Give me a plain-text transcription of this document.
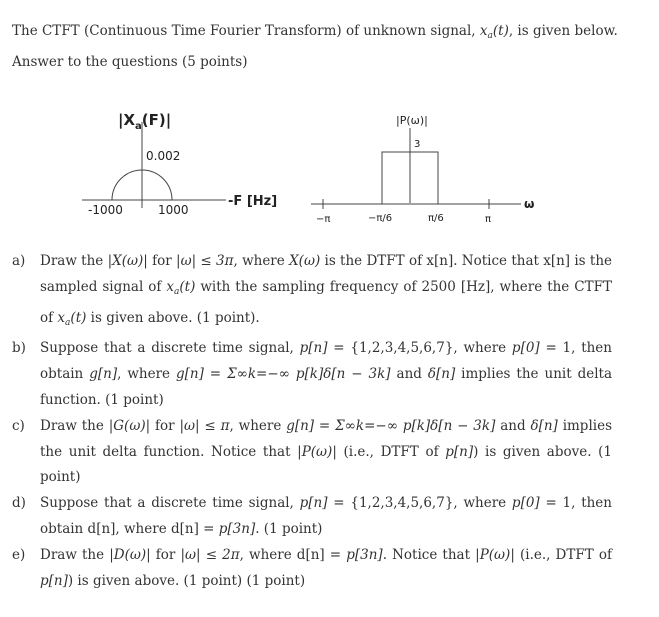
The CTFT (Continuous Time Fourier Transform) of unknown signal, $x_a(t)$, is given below. Answer to the questions (5 points)

$|X_a(F)|$
0.002
-1000	1000
-F [Hz]
|P(ω)|
3
−π	−π/6	π/6	π
ω
a) Draw the |X(ω)| for |ω| ≤ 3π, where X(ω) is the DTFT of x[n]. Notice that x[n] is the sampled signal of $x_a(t)$ with the sampling frequency of 2500 [Hz], where the CTFT of $x_a(t)$ is given above. (1 point).
b) Suppose that a discrete time signal, p[n] = {1,2,3,4,5,6,7}, where p[0] = 1, then obtain g[n], where g[n] = Σ∞k=−∞ p[k]δ[n − 3k] and δ[n] implies the unit delta function. (1 point)
c) Draw the |G(ω)| for |ω| ≤ π, where g[n] = Σ∞k=−∞ p[k]δ[n − 3k] and δ[n] implies the unit delta function. Notice that |P(ω)| (i.e., DTFT of p[n]) is given above. (1 point)
d) Suppose that a discrete time signal, p[n] = {1,2,3,4,5,6,7}, where p[0] = 1, then obtain d[n], where d[n] = p[3n]. (1 point)
e) Draw the |D(ω)| for |ω| ≤ 2π, where d[n] = p[3n]. Notice that |P(ω)| (i.e., DTFT of p[n]) is given above. (1 point) (1 point)
